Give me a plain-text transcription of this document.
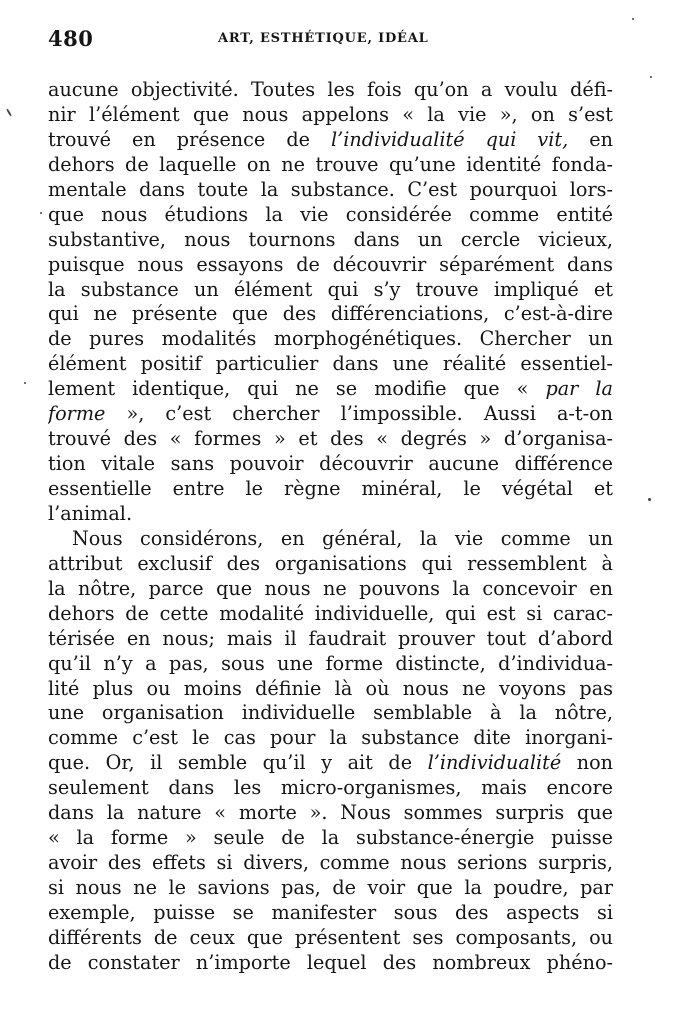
480	ART, ESTHÉTIQUE, IDÉAL
aucune objectivité. Toutes les fois qu’on a voulu défi-
nir l’élément que nous appelons « la vie », on s’est
trouvé en présence de l’individualité qui vit, en
dehors de laquelle on ne trouve qu’une identité fonda-
mentale dans toute la substance. C’est pourquoi lors-
que nous étudions la vie considérée comme entité
substantive, nous tournons dans un cercle vicieux,
puisque nous essayons de découvrir séparément dans
la substance un élément qui s’y trouve impliqué et
qui ne présente que des différenciations, c’est-à-dire
de pures modalités morphogénétiques. Chercher un
élément positif particulier dans une réalité essentiel-
lement identique, qui ne se modifie que « par la
forme », c’est chercher l’impossible. Aussi a-t-on
trouvé des « formes » et des « degrés » d’organisa-
tion vitale sans pouvoir découvrir aucune différence
essentielle entre le règne minéral, le végétal et
l’animal.
Nous considérons, en général, la vie comme un
attribut exclusif des organisations qui ressemblent à
la nôtre, parce que nous ne pouvons la concevoir en
dehors de cette modalité individuelle, qui est si carac-
térisée en nous; mais il faudrait prouver tout d’abord
qu’il n’y a pas, sous une forme distincte, d’individua-
lité plus ou moins définie là où nous ne voyons pas
une organisation individuelle semblable à la nôtre,
comme c’est le cas pour la substance dite inorgani-
que. Or, il semble qu’il y ait de l’individualité non
seulement dans les micro-organismes, mais encore
dans la nature « morte ». Nous sommes surpris que
« la forme » seule de la substance-énergie puisse
avoir des effets si divers, comme nous serions surpris,
si nous ne le savions pas, de voir que la poudre, par
exemple, puisse se manifester sous des aspects si
différents de ceux que présentent ses composants, ou
de constater n’importe lequel des nombreux phéno-
